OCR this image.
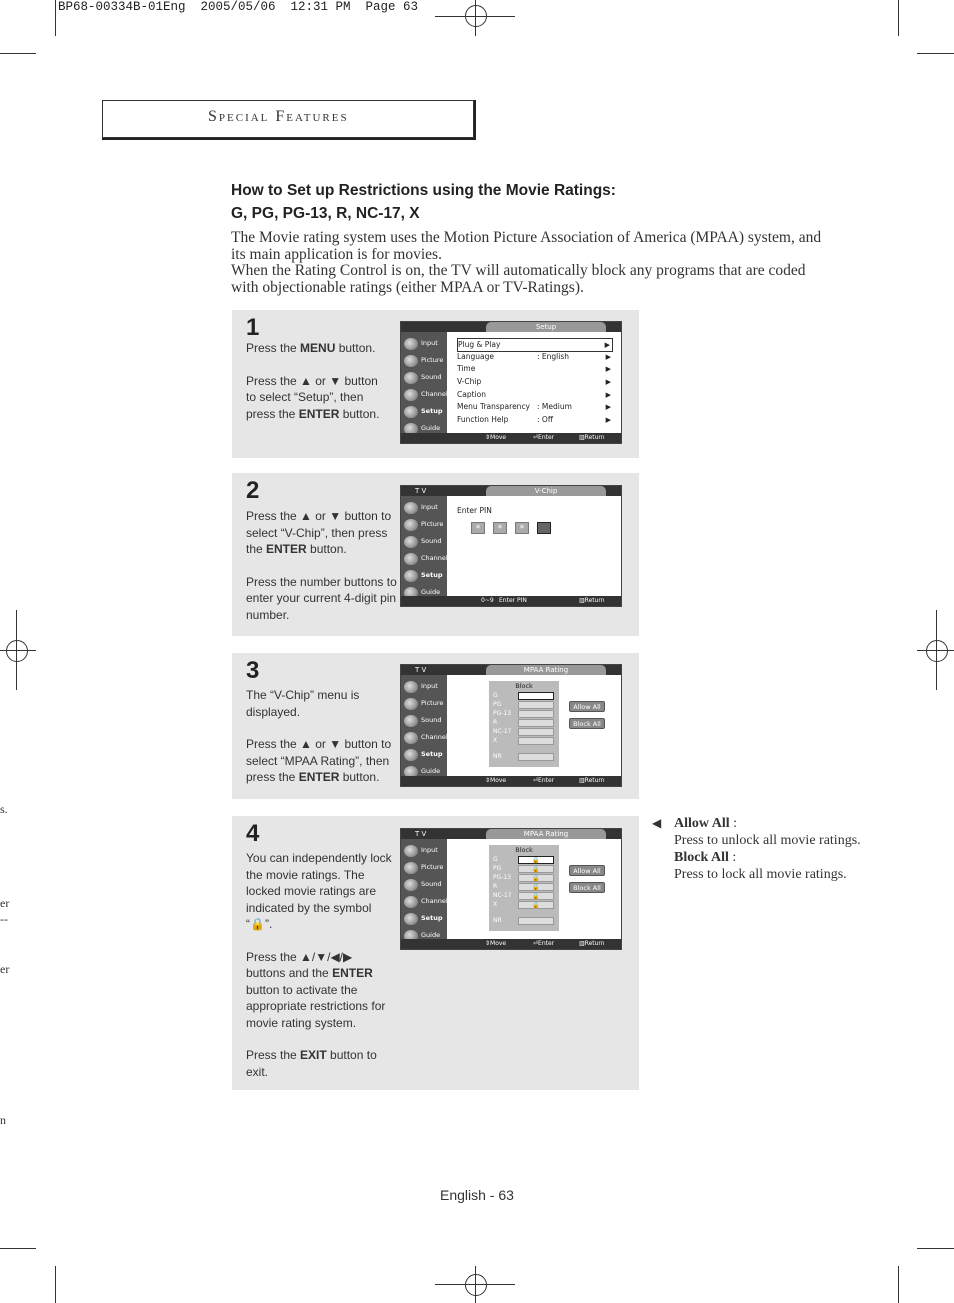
BP68-00334B-01Eng  2005/05/06  12:31 PM  Page 63
s.
er
--
er
n
Special Features
How to Set up Restrictions using the Movie Ratings:
G, PG, PG-13, R, NC-17, X

The Movie rating system uses the Motion Picture Association of America (MPAA) system, and its main application is for movies.

When the Rating Control is on, the TV will automatically block any programs that are coded with objectionable ratings (either MPAA or TV-Ratings).

1

Press the MENU button.

Press the ▲ or ▼ button to select “Setup”, then press the ENTER button.

Setup
Input
Picture
Sound
Channel
Setup
Guide
Plug & Play	▶
Language	: English	▶
Time	▶
V-Chip	▶
Caption	▶
Menu Transparency : Medium	▶
Function Help	: Off	▶
⇕ Move	⏎ Enter	▥ Return
2

Press the ▲ or ▼ button to select “V-Chip”, then press the ENTER button.

Press the number buttons to enter your current 4-digit pin number.

T V	V-Chip
Input
Picture
Sound
Channel
Setup
Guide
Enter PIN
*	*	*
0~9 Enter PIN	▥ Return
3

The “V-Chip” menu is displayed.

Press the ▲ or ▼ button to select “MPAA Rating”, then press the ENTER button.

T V	MPAA Rating
Input
Picture
Sound
Channel
Setup
Guide
Block
G
PG
PG-13
R
NC-17
X
NR
Allow All
Block All
⇕ Move	⏎ Enter	▥ Return
4

You can independently lock the movie ratings. The locked movie ratings are indicated by the symbol “🔒”.

Press the ▲/▼/◀/▶ buttons and the ENTER button to activate the appropriate restrictions for movie rating system.

Press the EXIT button to exit.

T V	MPAA Rating
Input
Picture
Sound
Channel
Setup
Guide
Block
G	🔒
PG	🔒
PG-13	🔒
R	🔒
NC-17	🔒
X	🔒
NR
Allow All
Block All
⇕ Move	⏎ Enter	▥ Return
◀ Allow All :
Press to unlock all movie ratings.
Block All :
Press to lock all movie ratings.
English - 63
